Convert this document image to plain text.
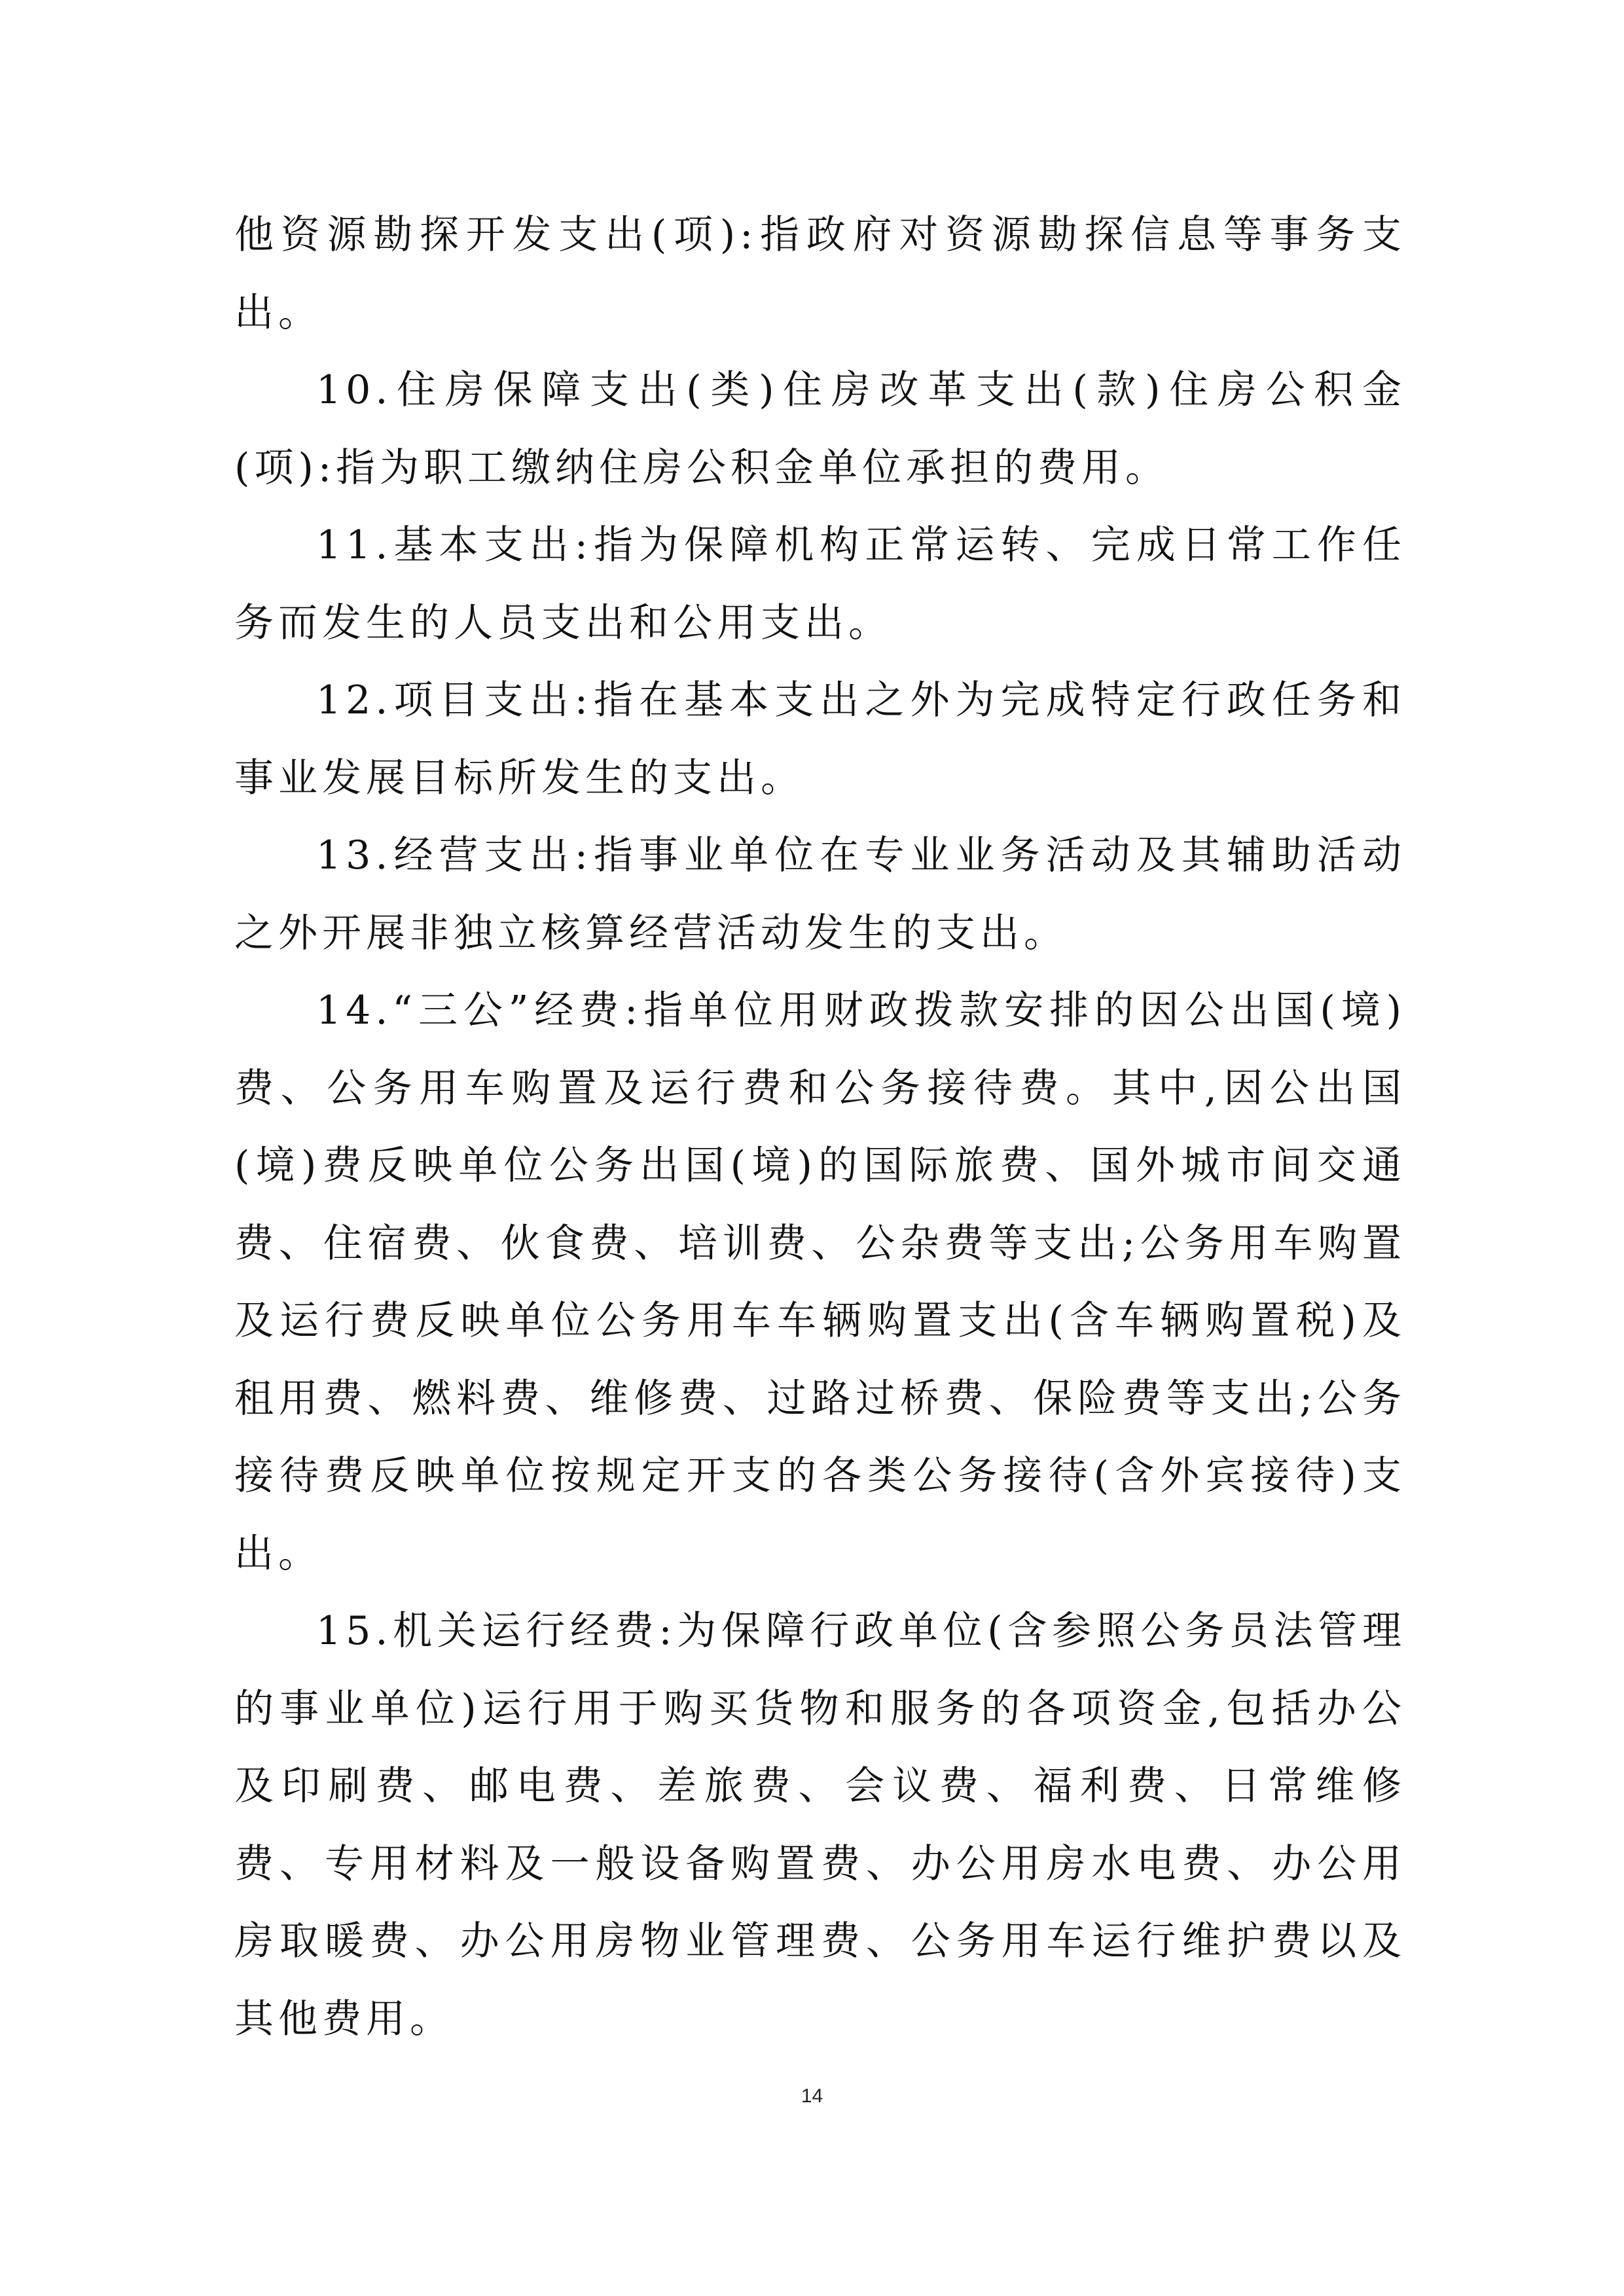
他资源勘探开发支出(项):指政府对资源勘探信息等事务支出。

10.住房保障支出(类)住房改革支出(款)住房公积金(项):指为职工缴纳住房公积金单位承担的费用。

11.基本支出:指为保障机构正常运转、完成日常工作任务而发生的人员支出和公用支出。

12.项目支出:指在基本支出之外为完成特定行政任务和事业发展目标所发生的支出。

13.经营支出:指事业单位在专业业务活动及其辅助活动之外开展非独立核算经营活动发生的支出。

14.“三公”经费:指单位用财政拨款安排的因公出国(境)费、公务用车购置及运行费和公务接待费。其中,因公出国(境)费反映单位公务出国(境)的国际旅费、国外城市间交通费、住宿费、伙食费、培训费、公杂费等支出;公务用车购置及运行费反映单位公务用车车辆购置支出(含车辆购置税)及租用费、燃料费、维修费、过路过桥费、保险费等支出;公务接待费反映单位按规定开支的各类公务接待(含外宾接待)支出。

15.机关运行经费:为保障行政单位(含参照公务员法管理的事业单位)运行用于购买货物和服务的各项资金,包括办公及印刷费、邮电费、差旅费、会议费、福利费、日常维修费、专用材料及一般设备购置费、办公用房水电费、办公用房取暖费、办公用房物业管理费、公务用车运行维护费以及其他费用。

14
